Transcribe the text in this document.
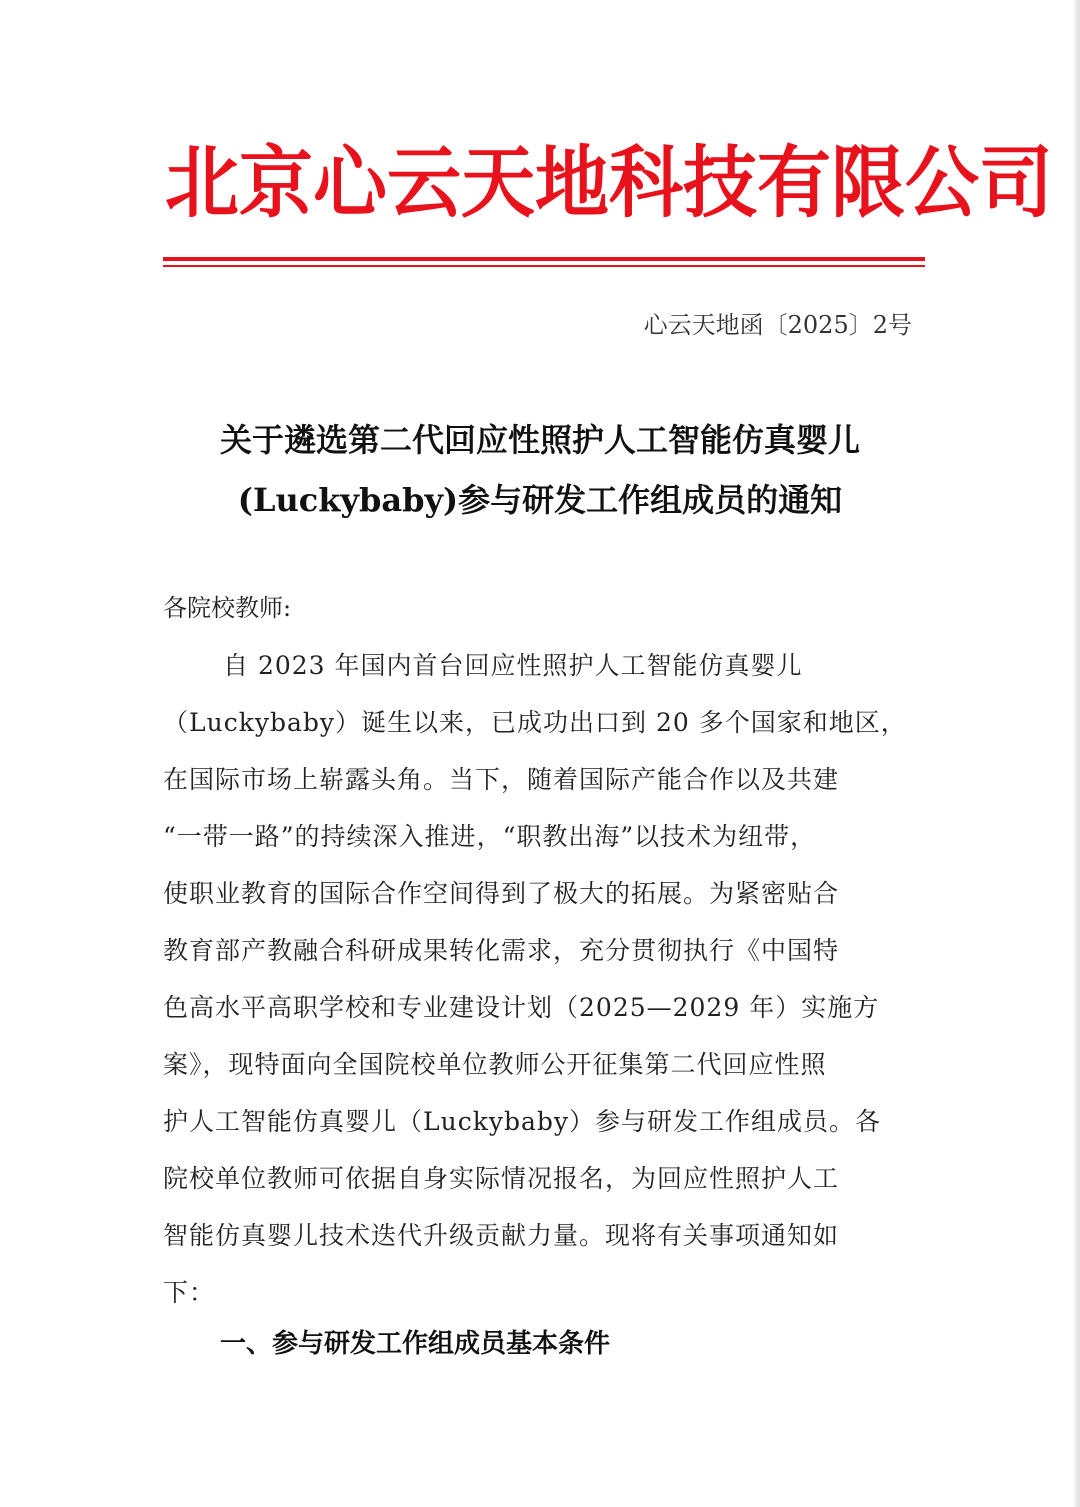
北京心云天地科技有限公司
心云天地函〔2025〕2号
关于遴选第二代回应性照护人工智能仿真婴儿
(Luckybaby)参与研发工作组成员的通知
各院校教师:
自 2023 年国内首台回应性照护人工智能仿真婴儿
（Luckybaby）诞生以来，已成功出口到 20 多个国家和地区，
在国际市场上崭露头角。当下，随着国际产能合作以及共建
“一带一路”的持续深入推进，“职教出海”以技术为纽带，
使职业教育的国际合作空间得到了极大的拓展。为紧密贴合
教育部产教融合科研成果转化需求，充分贯彻执行《中国特
色高水平高职学校和专业建设计划（2025—2029 年）实施方
案》，现特面向全国院校单位教师公开征集第二代回应性照
护人工智能仿真婴儿（Luckybaby）参与研发工作组成员。各
院校单位教师可依据自身实际情况报名，为回应性照护人工
智能仿真婴儿技术迭代升级贡献力量。现将有关事项通知如
下：
一、参与研发工作组成员基本条件
